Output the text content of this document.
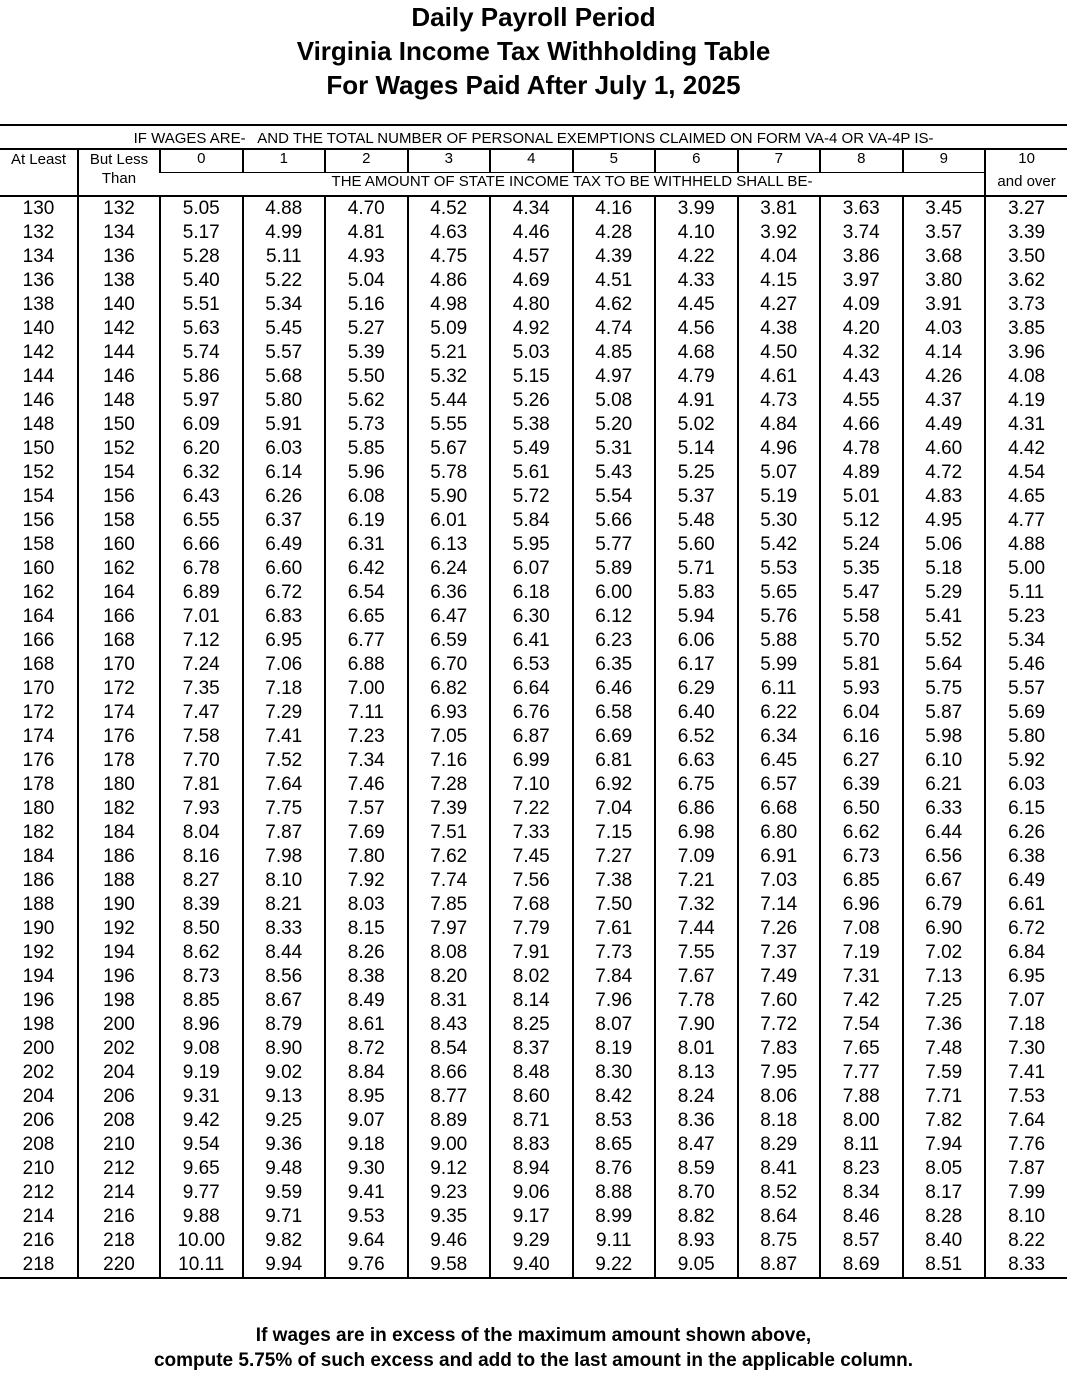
Daily Payroll Period
Virginia Income Tax Withholding Table
For Wages Paid After July 1, 2025
IF WAGES ARE-   AND THE TOTAL NUMBER OF PERSONAL EXEMPTIONS CLAIMED ON FORM VA-4 OR VA-4P IS-												
At Least	But Less
Than	0	1	2	3	4	5	6	7	8	9	10
		THE AMOUNT OF STATE INCOME TAX TO BE WITHHELD SHALL BE-										and over
130	132	5.05	4.88	4.70	4.52	4.34	4.16	3.99	3.81	3.63	3.45	3.27
132	134	5.17	4.99	4.81	4.63	4.46	4.28	4.10	3.92	3.74	3.57	3.39
134	136	5.28	5.11	4.93	4.75	4.57	4.39	4.22	4.04	3.86	3.68	3.50
136	138	5.40	5.22	5.04	4.86	4.69	4.51	4.33	4.15	3.97	3.80	3.62
138	140	5.51	5.34	5.16	4.98	4.80	4.62	4.45	4.27	4.09	3.91	3.73
140	142	5.63	5.45	5.27	5.09	4.92	4.74	4.56	4.38	4.20	4.03	3.85
142	144	5.74	5.57	5.39	5.21	5.03	4.85	4.68	4.50	4.32	4.14	3.96
144	146	5.86	5.68	5.50	5.32	5.15	4.97	4.79	4.61	4.43	4.26	4.08
146	148	5.97	5.80	5.62	5.44	5.26	5.08	4.91	4.73	4.55	4.37	4.19
148	150	6.09	5.91	5.73	5.55	5.38	5.20	5.02	4.84	4.66	4.49	4.31
150	152	6.20	6.03	5.85	5.67	5.49	5.31	5.14	4.96	4.78	4.60	4.42
152	154	6.32	6.14	5.96	5.78	5.61	5.43	5.25	5.07	4.89	4.72	4.54
154	156	6.43	6.26	6.08	5.90	5.72	5.54	5.37	5.19	5.01	4.83	4.65
156	158	6.55	6.37	6.19	6.01	5.84	5.66	5.48	5.30	5.12	4.95	4.77
158	160	6.66	6.49	6.31	6.13	5.95	5.77	5.60	5.42	5.24	5.06	4.88
160	162	6.78	6.60	6.42	6.24	6.07	5.89	5.71	5.53	5.35	5.18	5.00
162	164	6.89	6.72	6.54	6.36	6.18	6.00	5.83	5.65	5.47	5.29	5.11
164	166	7.01	6.83	6.65	6.47	6.30	6.12	5.94	5.76	5.58	5.41	5.23
166	168	7.12	6.95	6.77	6.59	6.41	6.23	6.06	5.88	5.70	5.52	5.34
168	170	7.24	7.06	6.88	6.70	6.53	6.35	6.17	5.99	5.81	5.64	5.46
170	172	7.35	7.18	7.00	6.82	6.64	6.46	6.29	6.11	5.93	5.75	5.57
172	174	7.47	7.29	7.11	6.93	6.76	6.58	6.40	6.22	6.04	5.87	5.69
174	176	7.58	7.41	7.23	7.05	6.87	6.69	6.52	6.34	6.16	5.98	5.80
176	178	7.70	7.52	7.34	7.16	6.99	6.81	6.63	6.45	6.27	6.10	5.92
178	180	7.81	7.64	7.46	7.28	7.10	6.92	6.75	6.57	6.39	6.21	6.03
180	182	7.93	7.75	7.57	7.39	7.22	7.04	6.86	6.68	6.50	6.33	6.15
182	184	8.04	7.87	7.69	7.51	7.33	7.15	6.98	6.80	6.62	6.44	6.26
184	186	8.16	7.98	7.80	7.62	7.45	7.27	7.09	6.91	6.73	6.56	6.38
186	188	8.27	8.10	7.92	7.74	7.56	7.38	7.21	7.03	6.85	6.67	6.49
188	190	8.39	8.21	8.03	7.85	7.68	7.50	7.32	7.14	6.96	6.79	6.61
190	192	8.50	8.33	8.15	7.97	7.79	7.61	7.44	7.26	7.08	6.90	6.72
192	194	8.62	8.44	8.26	8.08	7.91	7.73	7.55	7.37	7.19	7.02	6.84
194	196	8.73	8.56	8.38	8.20	8.02	7.84	7.67	7.49	7.31	7.13	6.95
196	198	8.85	8.67	8.49	8.31	8.14	7.96	7.78	7.60	7.42	7.25	7.07
198	200	8.96	8.79	8.61	8.43	8.25	8.07	7.90	7.72	7.54	7.36	7.18
200	202	9.08	8.90	8.72	8.54	8.37	8.19	8.01	7.83	7.65	7.48	7.30
202	204	9.19	9.02	8.84	8.66	8.48	8.30	8.13	7.95	7.77	7.59	7.41
204	206	9.31	9.13	8.95	8.77	8.60	8.42	8.24	8.06	7.88	7.71	7.53
206	208	9.42	9.25	9.07	8.89	8.71	8.53	8.36	8.18	8.00	7.82	7.64
208	210	9.54	9.36	9.18	9.00	8.83	8.65	8.47	8.29	8.11	7.94	7.76
210	212	9.65	9.48	9.30	9.12	8.94	8.76	8.59	8.41	8.23	8.05	7.87
212	214	9.77	9.59	9.41	9.23	9.06	8.88	8.70	8.52	8.34	8.17	7.99
214	216	9.88	9.71	9.53	9.35	9.17	8.99	8.82	8.64	8.46	8.28	8.10
216	218	10.00	9.82	9.64	9.46	9.29	9.11	8.93	8.75	8.57	8.40	8.22
218	220	10.11	9.94	9.76	9.58	9.40	9.22	9.05	8.87	8.69	8.51	8.33
If wages are in excess of the maximum amount shown above,
compute 5.75% of such excess and add to the last amount in the applicable column.
